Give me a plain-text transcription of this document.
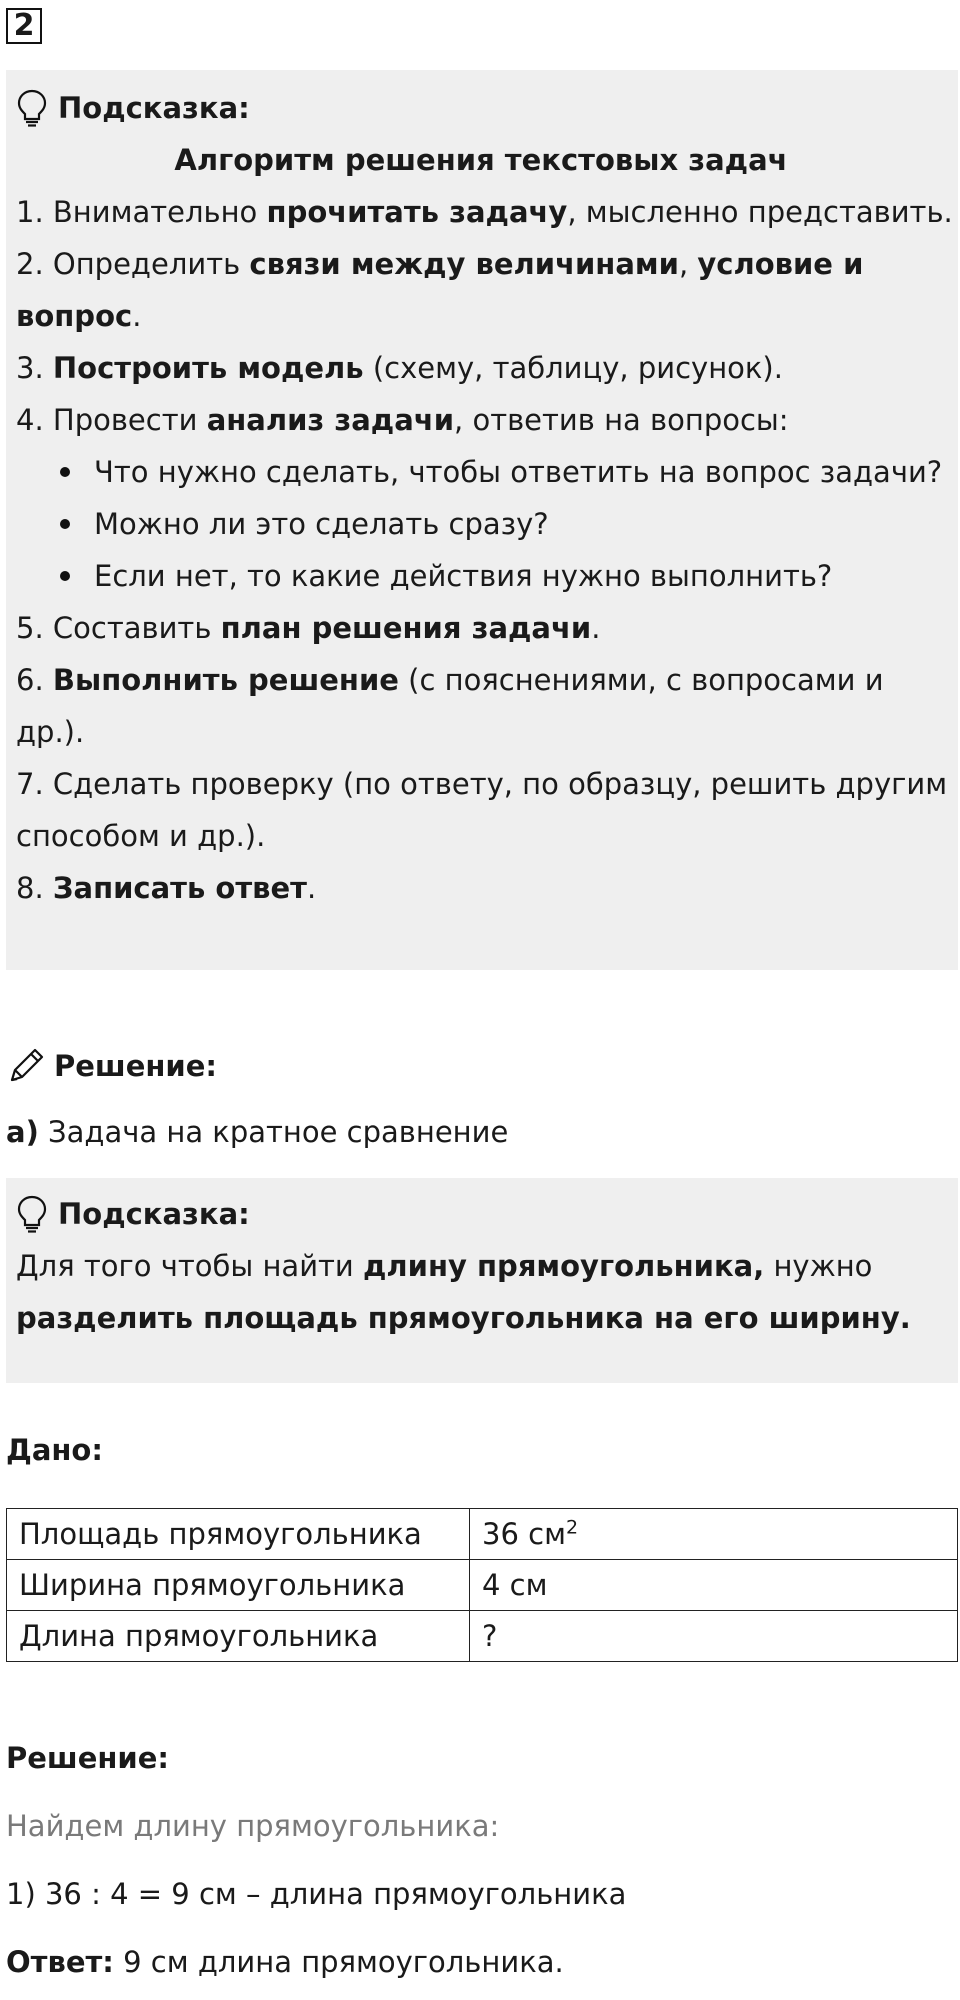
2
Подсказка:
Алгоритм решения текстовых задач
1. Внимательно прочитать задачу, мысленно представить.
2. Определить связи между величинами, условие и
вопрос.
3. Построить модель (схему, таблицу, рисунок).
4. Провести анализ задачи, ответив на вопросы:
Что нужно сделать, чтобы ответить на вопрос задачи?
Можно ли это сделать сразу?
Если нет, то какие действия нужно выполнить?
5. Составить план решения задачи.
6. Выполнить решение (с пояснениями, с вопросами и
др.).
7. Сделать проверку (по ответу, по образцу, решить другим
способом и др.).
8. Записать ответ.
Решение:
а) Задача на кратное сравнение
Подсказка:
Для того чтобы найти длину прямоугольника, нужно
разделить площадь прямоугольника на его ширину.
Дано:
Площадь прямоугольника	36 $см^2$
Ширина прямоугольника	4 см
Длина прямоугольника	?
Решение:
Найдем длину прямоугольника:
1) 36 : 4 = 9 см – длина прямоугольника
Ответ: 9 см длина прямоугольника.
